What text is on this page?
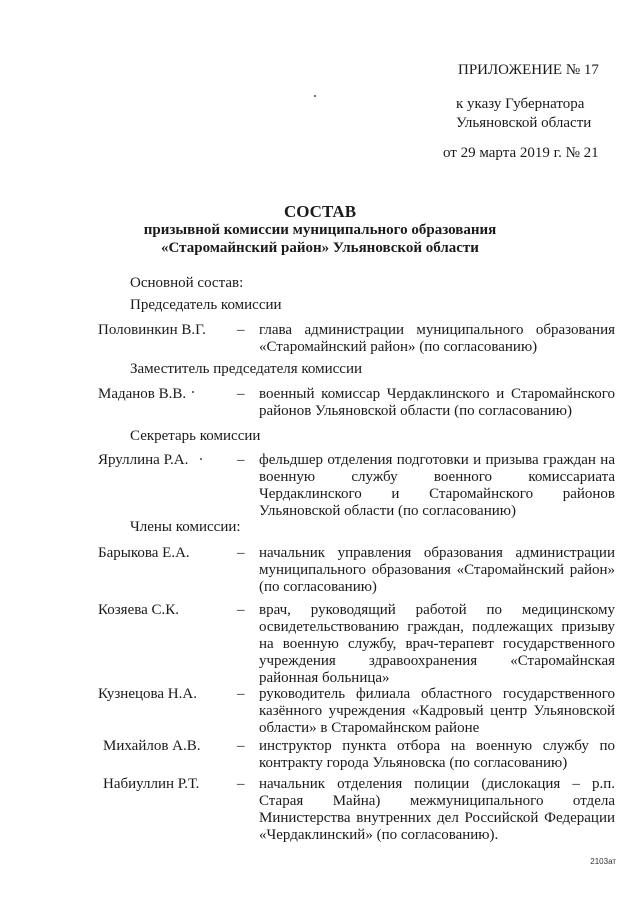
ПРИЛОЖЕНИЕ № 17
к указу Губернатора
Ульяновской области
от 29 марта 2019 г. № 21
СОСТАВ
призывной комиссии муниципального образования
«Старомайнский район» Ульяновской области
Основной состав:
Председатель комиссии
Половинкин В.Г. – глава администрации муниципального образования «Старомайнский район» (по согласованию)
Заместитель председателя комиссии
Маданов В.В.	– военный комиссар Чердаклинского и Старомайнского районов Ульяновской области (по согласованию)
Секретарь комиссии
Яруллина Р.А.	– фельдшер отделения подготовки и призыва граждан на военную службу военного комиссариата Чердаклинского и Старомайнского районов Ульяновской области (по согласованию)
Члены комиссии:
Барыкова Е.А.	– начальник управления образования администрации муниципального образования «Старомайнский район» (по согласованию)
Козяева С.К.	– врач, руководящий работой по медицинскому освидетельствованию граждан, подлежащих призыву на военную службу, врач-терапевт государственного учреждения здравоохранения «Старомайнская районная больница»
Кузнецова Н.А.	– руководитель филиала областного государственного казённого учреждения «Кадровый центр Ульяновской области» в Старомайнском районе
Михайлов А.В. – инструктор пункта отбора на военную службу по контракту города Ульяновска (по согласованию)
Набиуллин Р.Т.	– начальник отделения полиции (дислокация – р.п. Старая Майна) межмуниципального отдела Министерства внутренних дел Российской Федерации «Чердаклинский» (по согласованию).
2103ат
